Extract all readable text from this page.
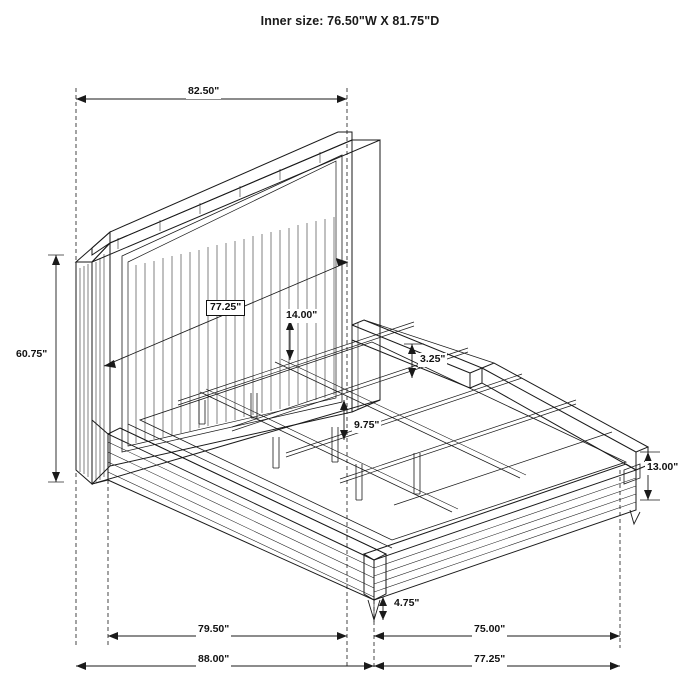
Inner size: 76.50"W X 81.75"D
82.50"
77.25"
60.75"
14.00"
3.25"
9.75"
13.00"
4.75"
79.50"	75.00"
88.00"	77.25"
